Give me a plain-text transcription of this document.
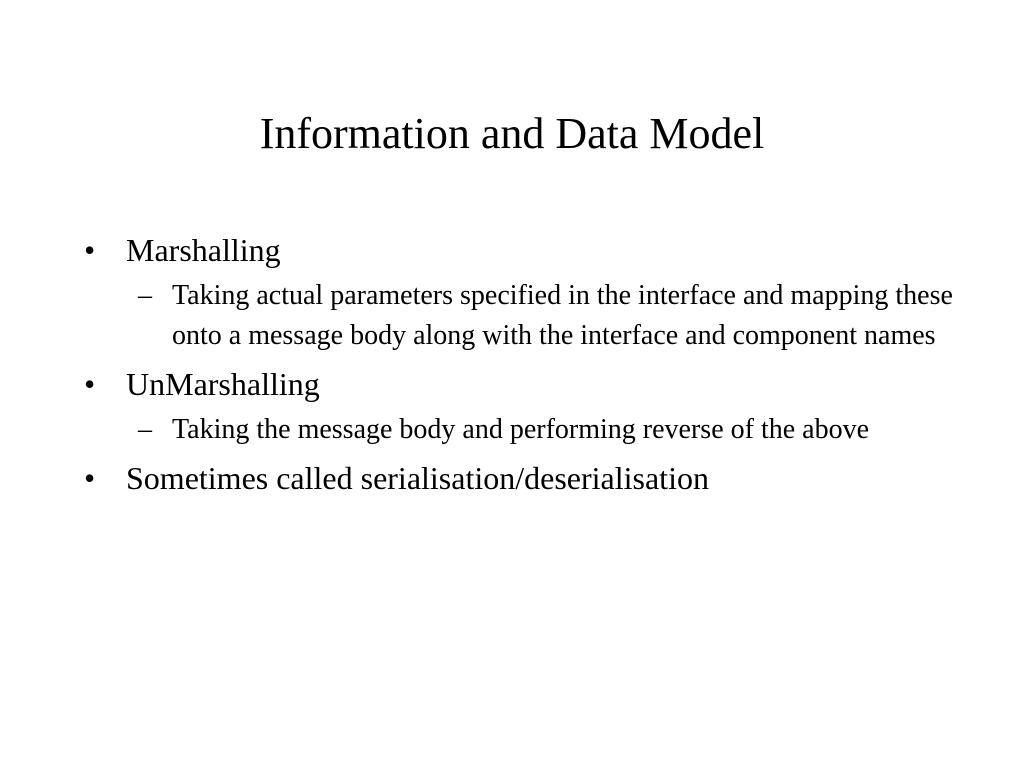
Information and Data Model
• Marshalling
– Taking actual parameters specified in the interface and mapping these onto a message body along with the interface and component names
• UnMarshalling
– Taking the message body and performing reverse of the above
• Sometimes called serialisation/deserialisation
